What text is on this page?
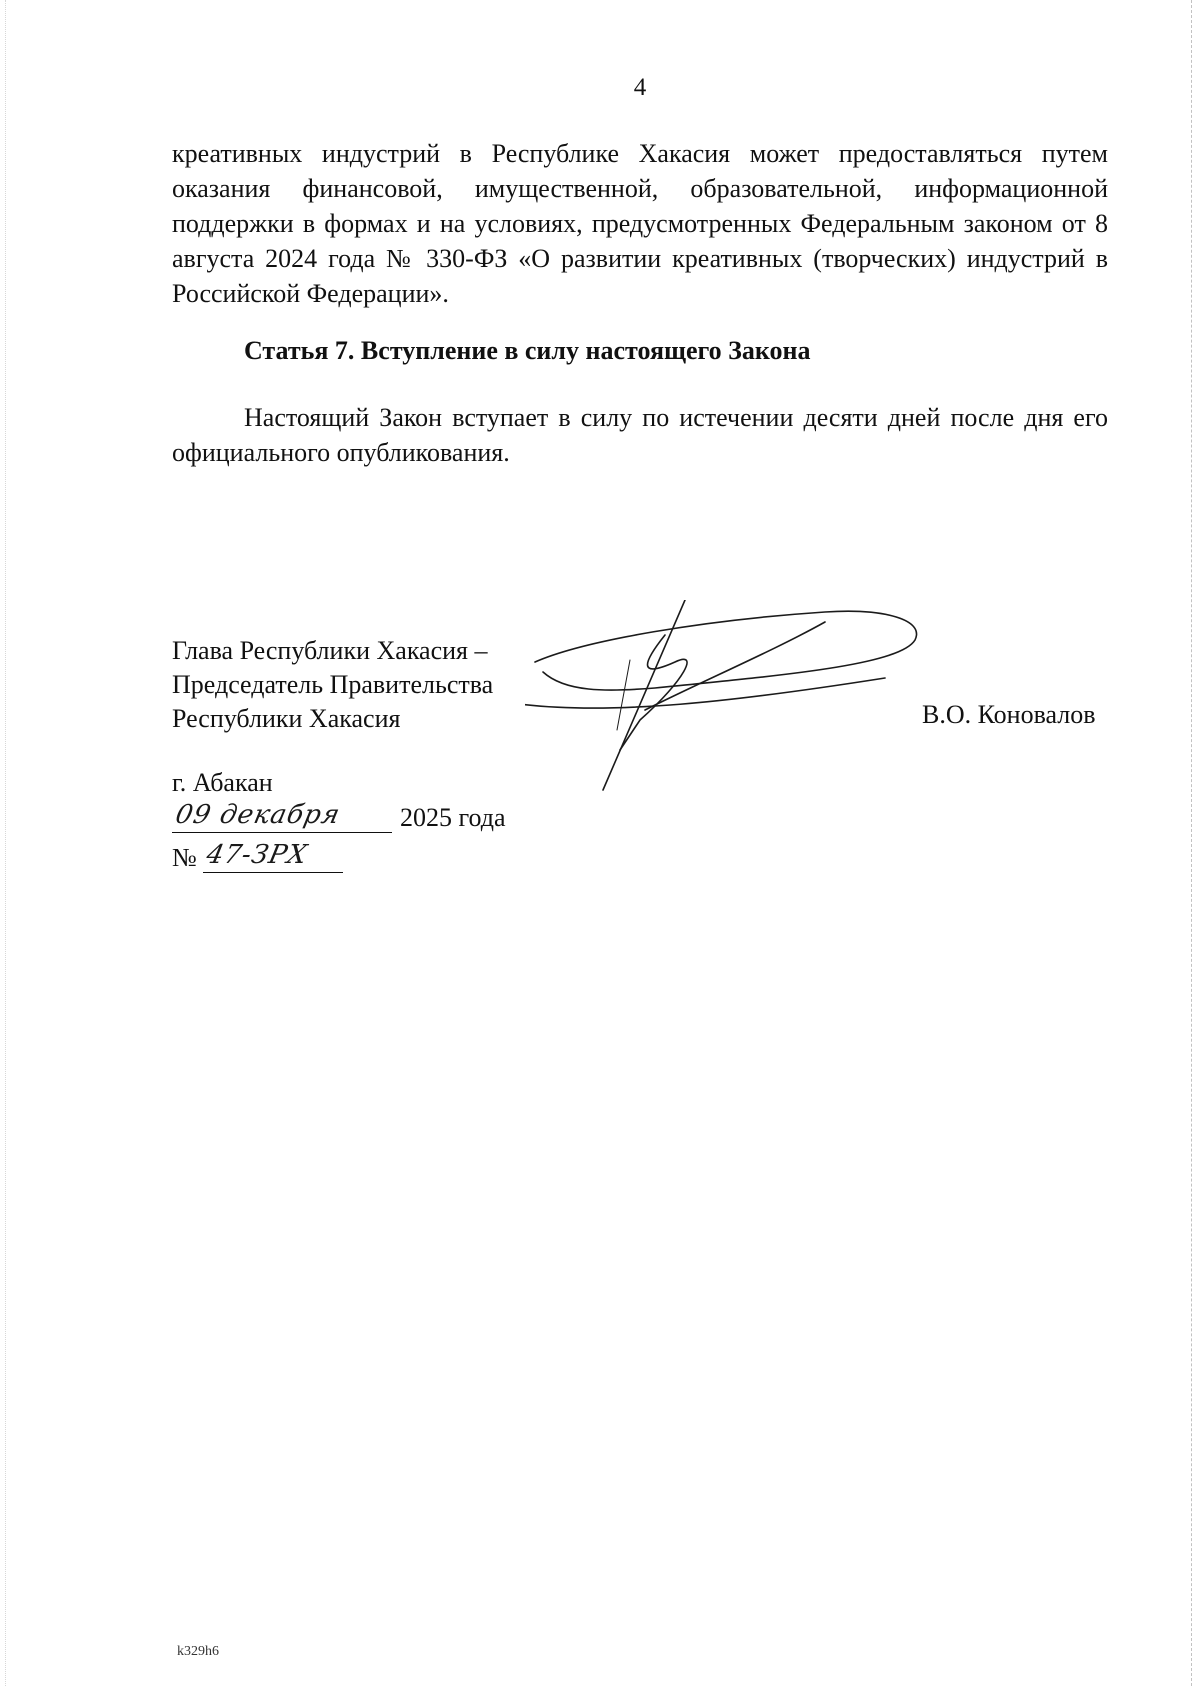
4

креативных индустрий в Республике Хакасия может предоставляться путем оказания финансовой, имущественной, образовательной, информационной поддержки в формах и на условиях, предусмотренных Федеральным законом от 8 августа 2024 года № 330-ФЗ «О развитии креативных (творческих) индустрий в Российской Федерации».

Статья 7. Вступление в силу настоящего Закона

Настоящий Закон вступает в силу по истечении десяти дней после дня его официального опубликования.

Глава Республики Хакасия –
Председатель Правительства
Республики Хакасия	В.О. Коновалов
г. Абакан
09 декабря 2025 года
№ 47-ЗРХ
k329h6
